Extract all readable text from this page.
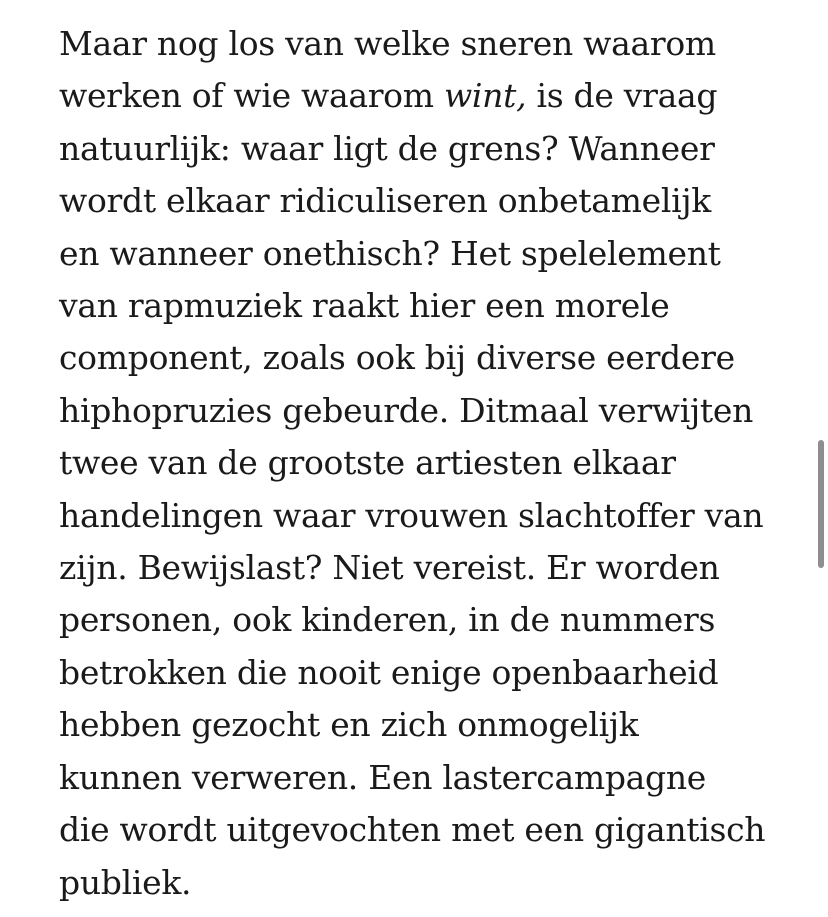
Maar nog los van welke sneren waarom
werken of wie waarom wint, is de vraag
natuurlijk: waar ligt de grens? Wanneer
wordt elkaar ridiculiseren onbetamelijk
en wanneer onethisch? Het spelelement
van rapmuziek raakt hier een morele
component, zoals ook bij diverse eerdere
hiphopruzies gebeurde. Ditmaal verwijten
twee van de grootste artiesten elkaar
handelingen waar vrouwen slachtoffer van
zijn. Bewijslast? Niet vereist. Er worden
personen, ook kinderen, in de nummers
betrokken die nooit enige openbaarheid
hebben gezocht en zich onmogelijk
kunnen verweren. Een lastercampagne
die wordt uitgevochten met een gigantisch
publiek.
